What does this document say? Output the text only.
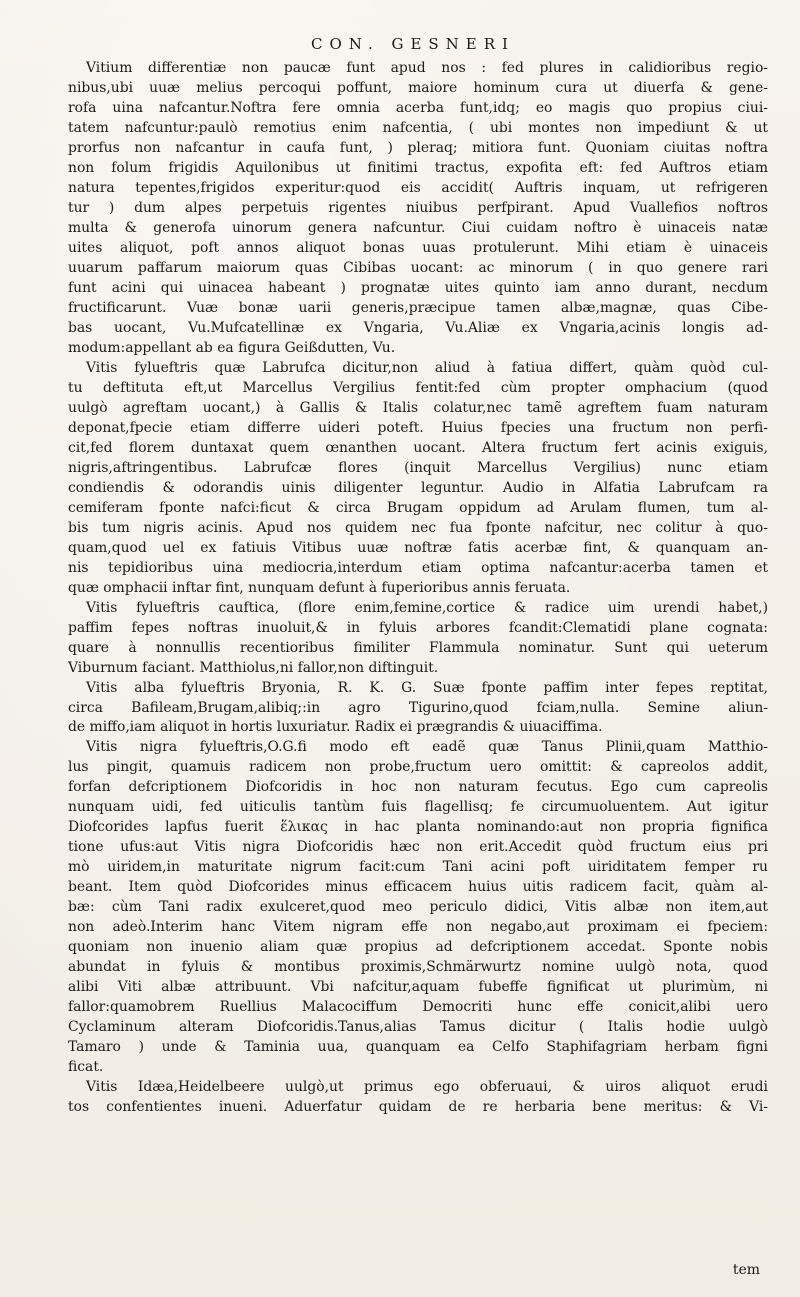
CON. GESNERI
Vitium differentiæ non paucæ funt apud nos : fed plures in calidioribus regio-
nibus,ubi uuæ melius percoqui poffunt, maiore hominum cura ut diuerfa & gene-
rofa uina nafcantur.Noftra fere omnia acerba funt,idq; eo magis quo propius ciui-
tatem nafcuntur:paulò remotius enim nafcentia, ( ubi montes non impediunt & ut
prorfus non nafcantur in caufa funt, ) pleraq; mitiora funt. Quoniam ciuitas noftra
non folum frigidis Aquilonibus ut finitimi tractus, expofita eft: fed Auftros etiam
natura tepentes,frigidos experitur:quod eis accidit( Auftris inquam, ut refrigeren
tur ) dum alpes perpetuis rigentes niuibus perfpirant. Apud Vuallefios noftros
multa & generofa uinorum genera nafcuntur. Ciui cuidam noftro è uinaceis natæ
uites aliquot, poft annos aliquot bonas uuas protulerunt. Mihi etiam è uinaceis
uuarum paffarum maiorum quas Cibibas uocant: ac minorum ( in quo genere rari
funt acini qui uinacea habeant ) prognatæ uites quinto iam anno durant, necdum
fructificarunt. Vuæ bonæ uarii generis,præcipue tamen albæ,magnæ, quas Cibe-
bas uocant, Vu.Mufcatellinæ ex Vngaria, Vu.Aliæ ex Vngaria,acinis longis ad-
modum:appellant ab ea figura Geißdutten, Vu.
Vitis fylueftris quæ Labrufca dicitur,non aliud à fatiua differt, quàm quòd cul-
tu deftituta eft,ut Marcellus Vergilius fentit:fed cùm propter omphacium (quod
uulgò agreftam uocant,) à Gallis & Italis colatur,nec tamẽ agreftem fuam naturam
deponat,fpecie etiam differre uideri poteft. Huius fpecies una fructum non perfi-
cit,fed florem duntaxat quem œnanthen uocant. Altera fructum fert acinis exiguis,
nigris,aftringentibus. Labrufcæ flores (inquit Marcellus Vergilius) nunc etiam
condiendis & odorandis uinis diligenter leguntur. Audio in Alfatia Labrufcam ra
cemiferam fponte nafci:ficut & circa Brugam oppidum ad Arulam flumen, tum al-
bis tum nigris acinis. Apud nos quidem nec fua fponte nafcitur, nec colitur à quo-
quam,quod uel ex fatiuis Vitibus uuæ noftræ fatis acerbæ fint, & quanquam an-
nis tepidioribus uina mediocria,interdum etiam optima nafcantur:acerba tamen et
quæ omphacii inftar fint, nunquam defunt à fuperioribus annis feruata.
Vitis fylueftris cauftica, (flore enim,femine,cortice & radice uim urendi habet,)
paffim fepes noftras inuoluit,& in fyluis arbores fcandit:Clematidi plane cognata:
quare à nonnullis recentioribus fimiliter Flammula nominatur. Sunt qui ueterum
Viburnum faciant. Matthiolus,ni fallor,non diftinguit.
Vitis alba fylueftris Bryonia, R. K. G. Suæ fponte paffim inter fepes reptitat,
circa Bafileam,Brugam,alibiq;:in agro Tigurino,quod fciam,nulla. Semine aliun-
de miffo,iam aliquot in hortis luxuriatur. Radix ei prægrandis & uiuaciffima.
Vitis nigra fylueftris,O.G.fi modo eft eadẽ quæ Tanus Plinii,quam Matthio-
lus pingit, quamuis radicem non probe,fructum uero omittit: & capreolos addit,
forfan defcriptionem Diofcoridis in hoc non naturam fecutus. Ego cum capreolis
nunquam uidi, fed uiticulis tantùm fuis flagellisq; fe circumuoluentem. Aut igitur
Diofcorides lapfus fuerit ἕλικας in hac planta nominando:aut non propria fignifica
tione ufus:aut Vitis nigra Diofcoridis hæc non erit.Accedit quòd fructum eius pri
mò uiridem,in maturitate nigrum facit:cum Tani acini poft uiriditatem femper ru
beant. Item quòd Diofcorides minus efficacem huius uitis radicem facit, quàm al-
bæ: cùm Tani radix exulceret,quod meo periculo didici, Vitis albæ non item,aut
non adeò.Interim hanc Vitem nigram effe non negabo,aut proximam ei fpeciem:
quoniam non inuenio aliam quæ propius ad defcriptionem accedat. Sponte nobis
abundat in fyluis & montibus proximis,Schmärwurtz nomine uulgò nota, quod
alibi Viti albæ attribuunt. Vbi nafcitur,aquam fubeffe fignificat ut plurimùm, ni
fallor:quamobrem Ruellius Malacociffum Democriti hunc effe conicit,alibi uero
Cyclaminum alteram Diofcoridis.Tanus,alias Tamus dicitur ( Italis hodie uulgò
Tamaro ) unde & Taminia uua, quanquam ea Celfo Staphifagriam herbam figni
ficat.
Vitis Idæa,Heidelbeere uulgò,ut primus ego obferuaui, & uiros aliquot erudi
tos confentientes inueni. Aduerfatur quidam de re herbaria bene meritus: & Vi-
tem
